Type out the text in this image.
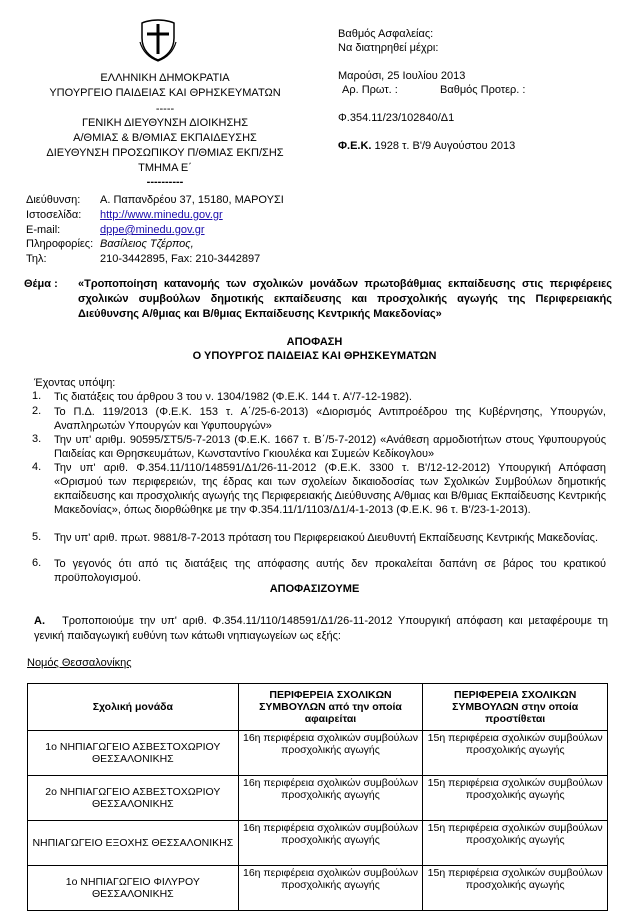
ΕΛΛΗΝΙΚΗ ΔΗΜΟΚΡΑΤΙΑ
ΥΠΟΥΡΓΕΙΟ ΠΑΙΔΕΙΑΣ ΚΑΙ ΘΡΗΣΚΕΥΜΑΤΩΝ
-----
ΓΕΝΙΚΗ ΔΙΕΥΘΥΝΣΗ ΔΙΟΙΚΗΣΗΣ
Α/ΘΜΙΑΣ & Β/ΘΜΙΑΣ ΕΚΠΑΙΔΕΥΣΗΣ
ΔΙΕΥΘΥΝΣΗ ΠΡΟΣΩΠΙΚΟΥ Π/ΘΜΙΑΣ ΕΚΠ/ΣΗΣ
ΤΜΗΜΑ Ε΄
----------
Βαθμός Ασφαλείας:
Να διατηρηθεί μέχρι:
Μαρούσι, 25 Ιουλίου 2013
Αρ. Πρωτ. :	Βαθμός Προτερ. :
Φ.354.11/23/102840/Δ1
Φ.Ε.Κ. 1928 τ. Β'/9 Αυγούστου 2013
Διεύθυνση: Α. Παπανδρέου 37, 15180, ΜΑΡΟΥΣΙ
Ιστοσελίδα: http://www.minedu.gov.gr
E-mail:	dppe@minedu.gov.gr
Πληροφορίες: Βασίλειος Τζέρπος,
Τηλ:	210-3442895, Fax: 210-3442897
Θέμα : «Τροποποίηση κατανομής των σχολικών μονάδων πρωτοβάθμιας εκπαίδευσης στις περιφέρειες σχολικών συμβούλων δημοτικής εκπαίδευσης και προσχολικής αγωγής της Περιφερειακής Διεύθυνσης Α/θμιας και Β/θμιας Εκπαίδευσης Κεντρικής Μακεδονίας»
ΑΠΟΦΑΣΗ
Ο ΥΠΟΥΡΓΟΣ ΠΑΙΔΕΙΑΣ ΚΑΙ ΘΡΗΣΚΕΥΜΑΤΩΝ
Έχοντας υπόψη:
1. Τις διατάξεις του άρθρου 3 του ν. 1304/1982 (Φ.Ε.Κ. 144 τ. Α'/7-12-1982).
2. Το Π.Δ. 119/2013 (Φ.Ε.Κ. 153 τ. Α΄/25-6-2013) «Διορισμός Αντιπροέδρου της Κυβέρνησης, Υπουργών, Αναπληρωτών Υπουργών και Υφυπουργών»
3. Την υπ' αριθμ. 90595/ΣΤ5/5-7-2013 (Φ.Ε.Κ. 1667 τ. Β΄/5-7-2012) «Ανάθεση αρμοδιοτήτων στους Υφυπουργούς Παιδείας και Θρησκευμάτων, Κωνσταντίνο Γκιουλέκα και Συμεών Κεδίκογλου»
4. Την υπ' αριθ. Φ.354.11/110/148591/Δ1/26-11-2012 (Φ.Ε.Κ. 3300 τ. Β'/12-12-2012) Υπουργική Απόφαση «Ορισμού των περιφερειών, της έδρας και των σχολείων δικαιοδοσίας των Σχολικών Συμβούλων δημοτικής εκπαίδευσης και προσχολικής αγωγής της Περιφερειακής Διεύθυνσης Α/θμιας και Β/θμιας Εκπαίδευσης Κεντρικής Μακεδονίας», όπως διορθώθηκε με την Φ.354.11/1/1103/Δ1/4-1-2013 (Φ.Ε.Κ. 96 τ. Β'/23-1-2013).
5. Την υπ' αριθ. πρωτ. 9881/8-7-2013 πρόταση του Περιφερειακού Διευθυντή Εκπαίδευσης Κεντρικής Μακεδονίας.
6. Το γεγονός ότι από τις διατάξεις της απόφασης αυτής δεν προκαλείται δαπάνη σε βάρος του κρατικού προϋπολογισμού.
ΑΠΟΦΑΣΙΖΟΥΜΕ
Α. Τροποποιούμε την υπ' αριθ. Φ.354.11/110/148591/Δ1/26-11-2012 Υπουργική απόφαση και μεταφέρουμε τη γενική παιδαγωγική ευθύνη των κάτωθι νηπιαγωγείων ως εξής:
Νομός Θεσσαλονίκης
Σχολική μονάδα	ΠΕΡΙΦΕΡΕΙΑ ΣΧΟΛΙΚΩΝ ΣΥΜΒΟΥΛΩΝ από την οποία αφαιρείται	ΠΕΡΙΦΕΡΕΙΑ ΣΧΟΛΙΚΩΝ ΣΥΜΒΟΥΛΩΝ στην οποία προστίθεται
1ο ΝΗΠΙΑΓΩΓΕΙΟ ΑΣΒΕΣΤΟΧΩΡΙΟΥ ΘΕΣΣΑΛΟΝΙΚΗΣ	16η περιφέρεια σχολικών συμβούλων προσχολικής αγωγής	15η περιφέρεια σχολικών συμβούλων προσχολικής αγωγής
2ο ΝΗΠΙΑΓΩΓΕΙΟ ΑΣΒΕΣΤΟΧΩΡΙΟΥ ΘΕΣΣΑΛΟΝΙΚΗΣ	16η περιφέρεια σχολικών συμβούλων προσχολικής αγωγής	15η περιφέρεια σχολικών συμβούλων προσχολικής αγωγής
ΝΗΠΙΑΓΩΓΕΙΟ ΕΞΟΧΗΣ ΘΕΣΣΑΛΟΝΙΚΗΣ	16η περιφέρεια σχολικών συμβούλων προσχολικής αγωγής	15η περιφέρεια σχολικών συμβούλων προσχολικής αγωγής
1ο ΝΗΠΙΑΓΩΓΕΙΟ ΦΙΛΥΡΟΥ ΘΕΣΣΑΛΟΝΙΚΗΣ	16η περιφέρεια σχολικών συμβούλων προσχολικής αγωγής	15η περιφέρεια σχολικών συμβούλων προσχολικής αγωγής
